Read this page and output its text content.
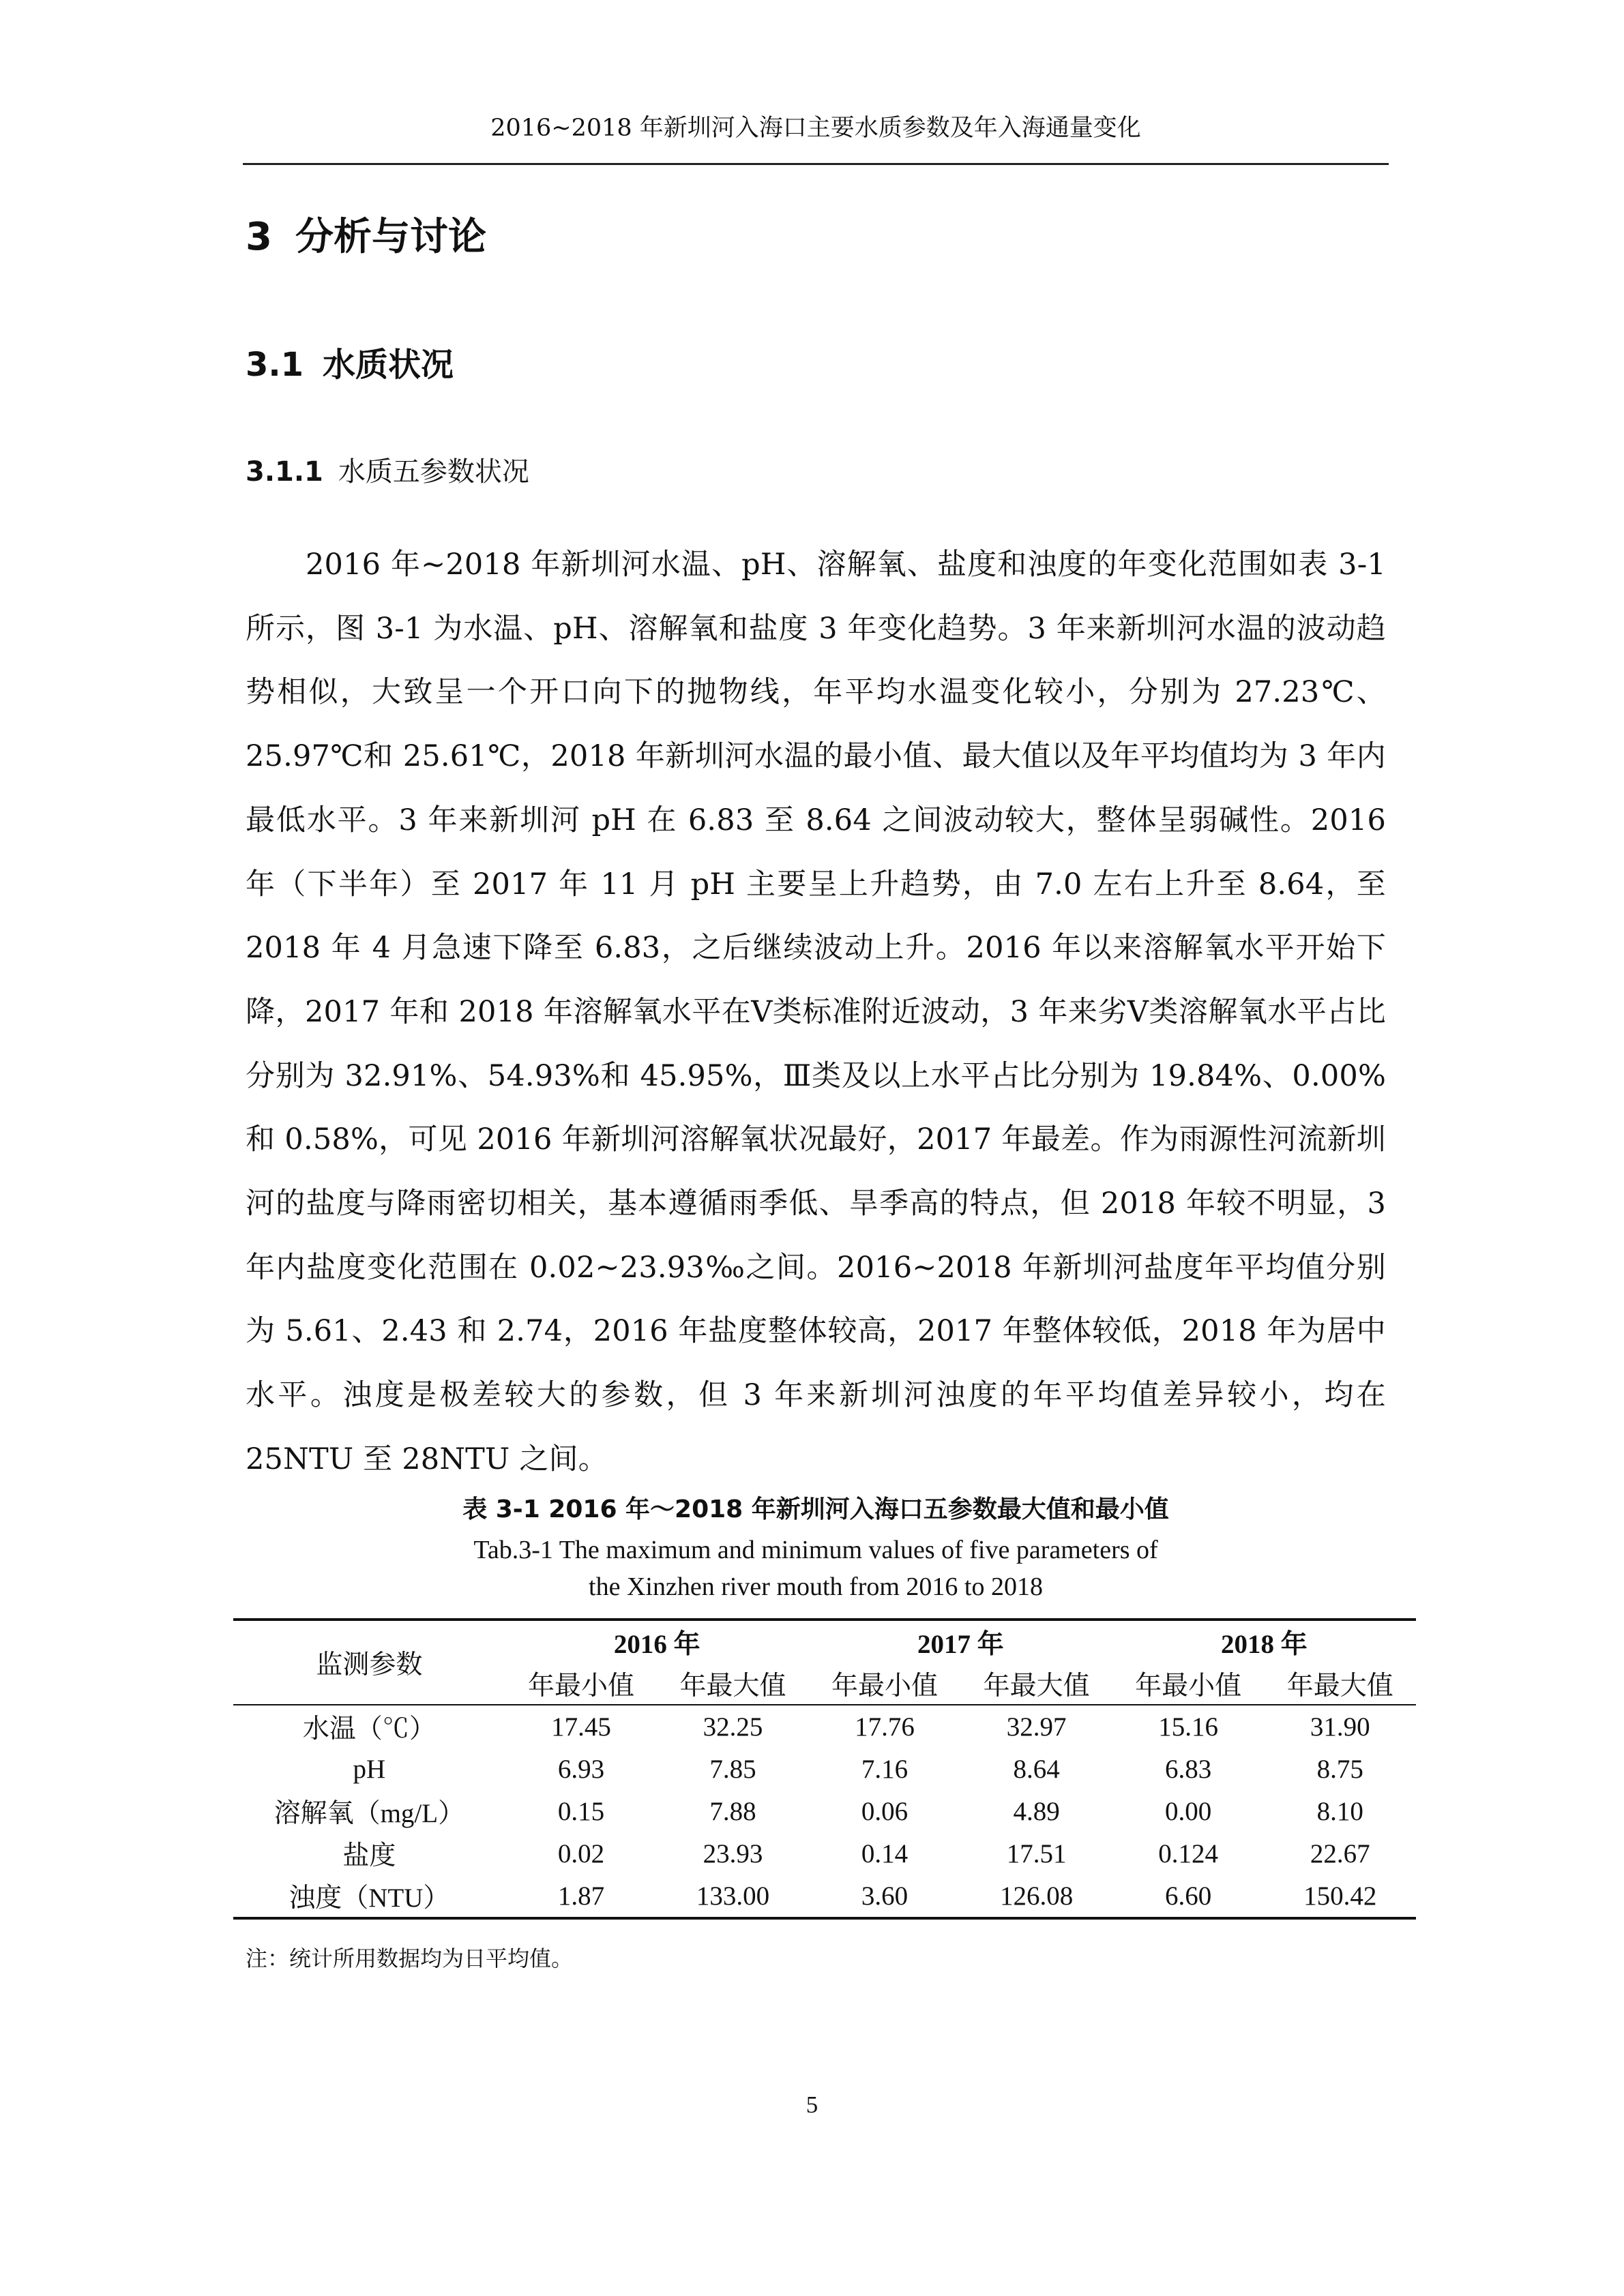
2016~2018 年新圳河入海口主要水质参数及年入海通量变化
3 分析与讨论
3.1 水质状况
3.1.1 水质五参数状况

2016 年~2018 年新圳河水温、pH、溶解氧、盐度和浊度的年变化范围如表 3-1 所示，图 3-1 为水温、pH、溶解氧和盐度 3 年变化趋势。3 年来新圳河水温的波动趋势相似，大致呈一个开口向下的抛物线，年平均水温变化较小，分别为 27.23℃、25.97℃和 25.61℃，2018 年新圳河水温的最小值、最大值以及年平均值均为 3 年内最低水平。3 年来新圳河 pH 在 6.83 至 8.64 之间波动较大，整体呈弱碱性。2016 年（下半年）至 2017 年 11 月 pH 主要呈上升趋势，由 7.0 左右上升至 8.64，至 2018 年 4 月急速下降至 6.83，之后继续波动上升。2016 年以来溶解氧水平开始下降，2017 年和 2018 年溶解氧水平在Ⅴ类标准附近波动，3 年来劣Ⅴ类溶解氧水平占比分别为 32.91%、54.93%和 45.95%，Ⅲ类及以上水平占比分别为 19.84%、0.00%和 0.58%，可见 2016 年新圳河溶解氧状况最好，2017 年最差。作为雨源性河流新圳河的盐度与降雨密切相关，基本遵循雨季低、旱季高的特点，但 2018 年较不明显，3 年内盐度变化范围在 0.02~23.93‰之间。2016~2018 年新圳河盐度年平均值分别为 5.61、2.43 和 2.74，2016 年盐度整体较高，2017 年整体较低，2018 年为居中水平。浊度是极差较大的参数，但 3 年来新圳河浊度的年平均值差异较小，均在 25NTU 至 28NTU 之间。

表 3-1 2016 年～2018 年新圳河入海口五参数最大值和最小值
Tab.3-1 The maximum and minimum values of five parameters of
the Xinzhen river mouth from 2016 to 2018
监测参数	2016 年		2017 年		2018 年	
	年最小值	年最大值	年最小值	年最大值	年最小值	年最大值
水温（℃）	17.45	32.25	17.76	32.97	15.16	31.90
pH	6.93	7.85	7.16	8.64	6.83	8.75
溶解氧（mg/L）	0.15	7.88	0.06	4.89	0.00	8.10
盐度	0.02	23.93	0.14	17.51	0.124	22.67
浊度（NTU）	1.87	133.00	3.60	126.08	6.60	150.42
注：统计所用数据均为日平均值。
5
